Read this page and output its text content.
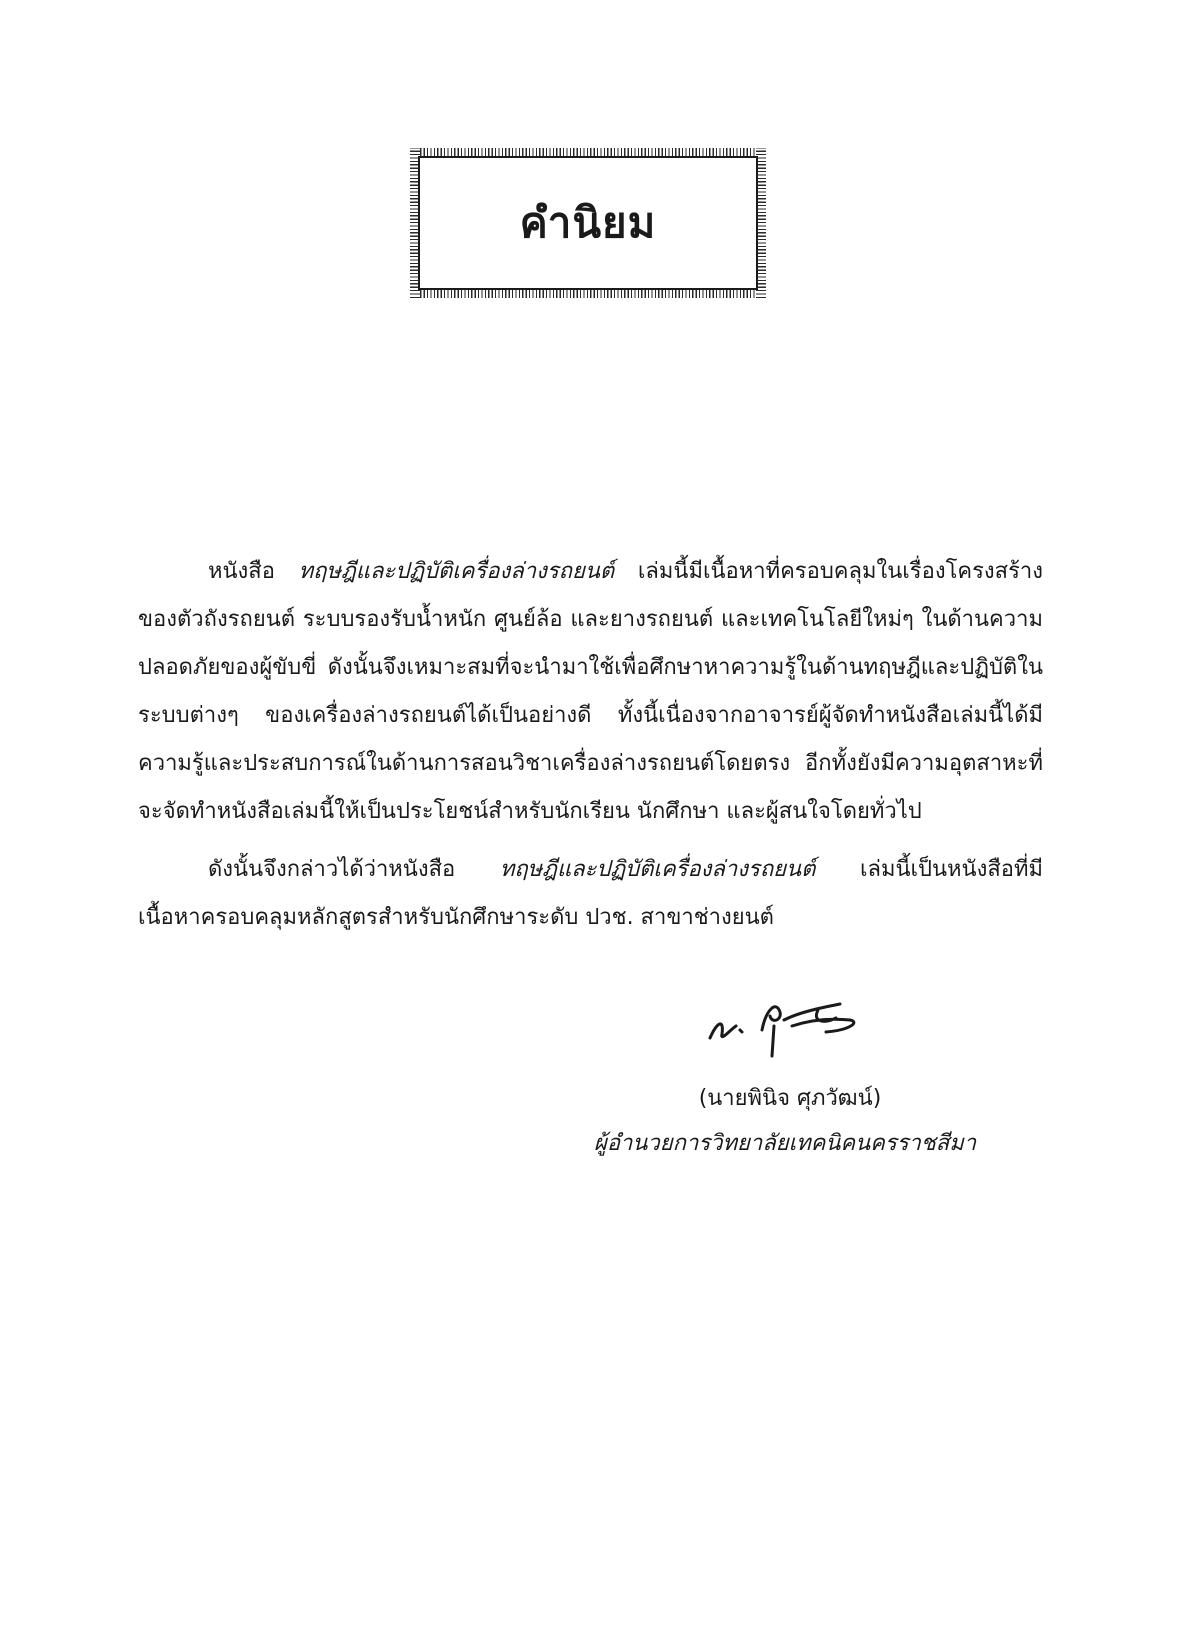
คำนิยม

หนังสือ ทฤษฎีและปฏิบัติเครื่องล่างรถยนต์ เล่มนี้มีเนื้อหาที่ครอบคลุมในเรื่องโครงสร้างของตัวถังรถยนต์ ระบบรองรับน้ำหนัก ศูนย์ล้อ และยางรถยนต์ และเทคโนโลยีใหม่ๆ ในด้านความปลอดภัยของผู้ขับขี่ ดังนั้นจึงเหมาะสมที่จะนำมาใช้เพื่อศึกษาหาความรู้ในด้านทฤษฎีและปฏิบัติในระบบต่างๆ ของเครื่องล่างรถยนต์ได้เป็นอย่างดี ทั้งนี้เนื่องจากอาจารย์ผู้จัดทำหนังสือเล่มนี้ได้มีความรู้และประสบการณ์ในด้านการสอนวิชาเครื่องล่างรถยนต์โดยตรง อีกทั้งยังมีความอุตสาหะที่จะจัดทำหนังสือเล่มนี้ให้เป็นประโยชน์สำหรับนักเรียน นักศึกษา และผู้สนใจโดยทั่วไป

ดังนั้นจึงกล่าวได้ว่าหนังสือ ทฤษฎีและปฏิบัติเครื่องล่างรถยนต์ เล่มนี้เป็นหนังสือที่มีเนื้อหาครอบคลุมหลักสูตรสำหรับนักศึกษาระดับ ปวช. สาขาช่างยนต์

(นายพินิจ ศุภวัฒน์)
ผู้อำนวยการวิทยาลัยเทคนิคนครราชสีมา
